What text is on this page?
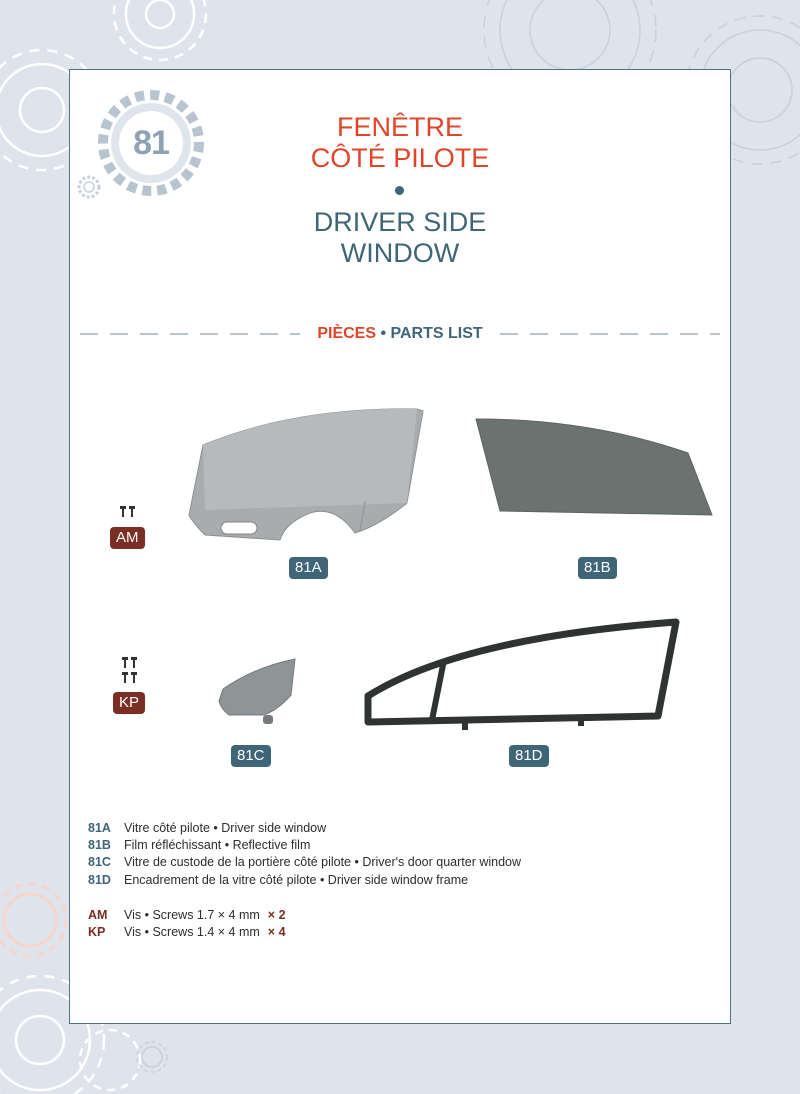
81	FENÊTRE
CÔTÉ PILOTE
DRIVER SIDE
WINDOW
PIÈCES • PARTS LIST
81A	81B
AM
KP
81C	81D
81A Vitre côté pilote • Driver side window
81B Film réfléchissant • Reflective film
81C Vitre de custode de la portière côté pilote • Driver's door quarter window
81D Encadrement de la vitre côté pilote • Driver side window frame
AM Vis • Screws 1.7 × 4 mm × 2
KP Vis • Screws 1.4 × 4 mm × 4
